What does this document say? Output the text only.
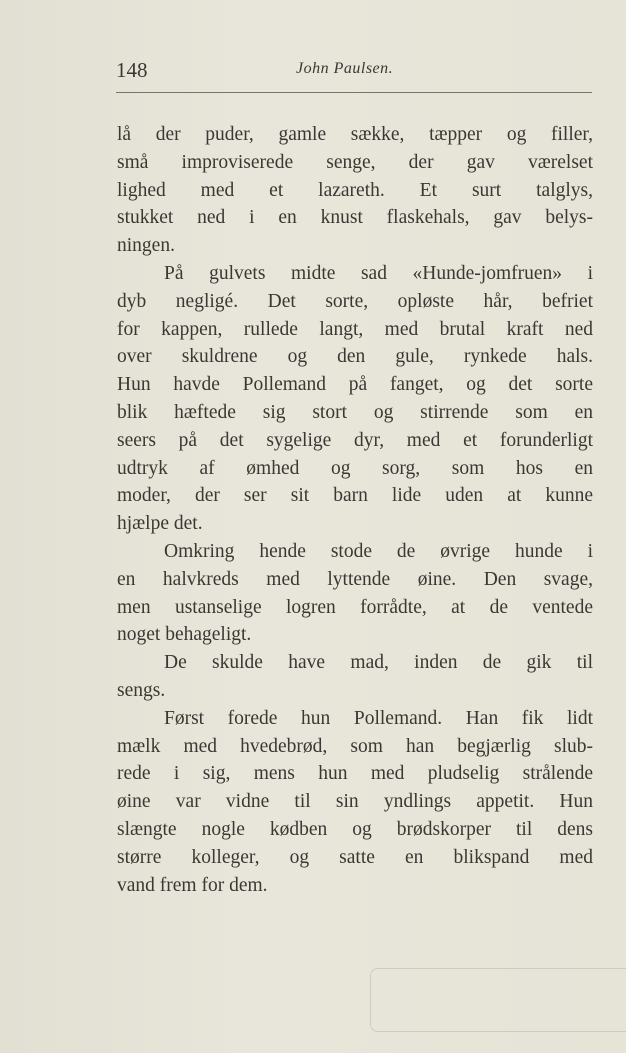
148	John Paulsen.
lå der puder, gamle sække, tæpper og filler,
små improviserede senge, der gav værelset
lighed med et lazareth. Et surt talglys,
stukket ned i en knust flaskehals, gav belys-
ningen.
På gulvets midte sad «Hunde-jomfruen» i
dyb negligé. Det sorte, opløste hår, befriet
for kappen, rullede langt, med brutal kraft ned
over skuldrene og den gule, rynkede hals.
Hun havde Pollemand på fanget, og det sorte
blik hæftede sig stort og stirrende som en
seers på det sygelige dyr, med et forunderligt
udtryk af ømhed og sorg, som hos en
moder, der ser sit barn lide uden at kunne
hjælpe det.
Omkring hende stode de øvrige hunde i
en halvkreds med lyttende øine. Den svage,
men ustanselige logren forrådte, at de ventede
noget behageligt.
De skulde have mad, inden de gik til
sengs.
Først forede hun Pollemand. Han fik lidt
mælk med hvedebrød, som han begjærlig slub-
rede i sig, mens hun med pludselig strålende
øine var vidne til sin yndlings appetit. Hun
slængte nogle kødben og brødskorper til dens
større kolleger, og satte en blikspand med
vand frem for dem.
